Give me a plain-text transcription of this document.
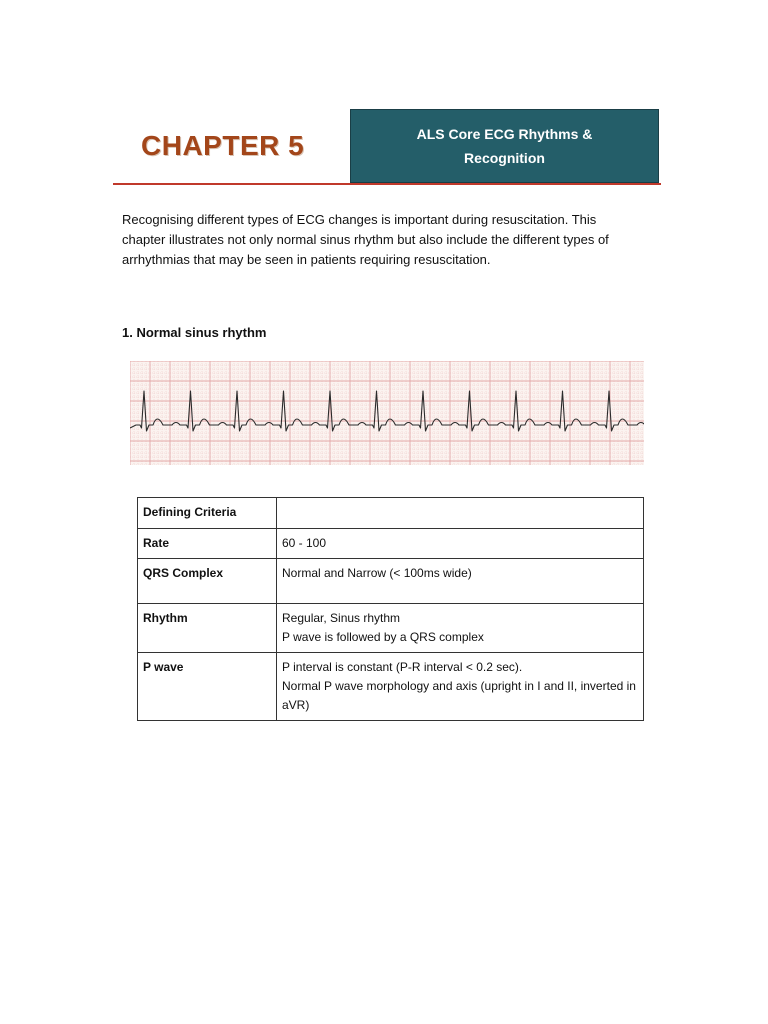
CHAPTER 5	ALS Core ECG Rhythms &
Recognition
Recognising different types of ECG changes is important during resuscitation. This chapter illustrates not only normal sinus rhythm but also include the different types of arrhythmias that may be seen in patients requiring resuscitation.
1. Normal sinus rhythm
Defining Criteria	

Rate	60 - 100

QRS Complex	Normal and Narrow (< 100ms wide)

Rhythm	Regular, Sinus rhythm
P wave is followed by a QRS complex

P wave	P interval is constant (P-R interval < 0.2 sec).
Normal P wave morphology and axis (upright in I and II, inverted in aVR)
